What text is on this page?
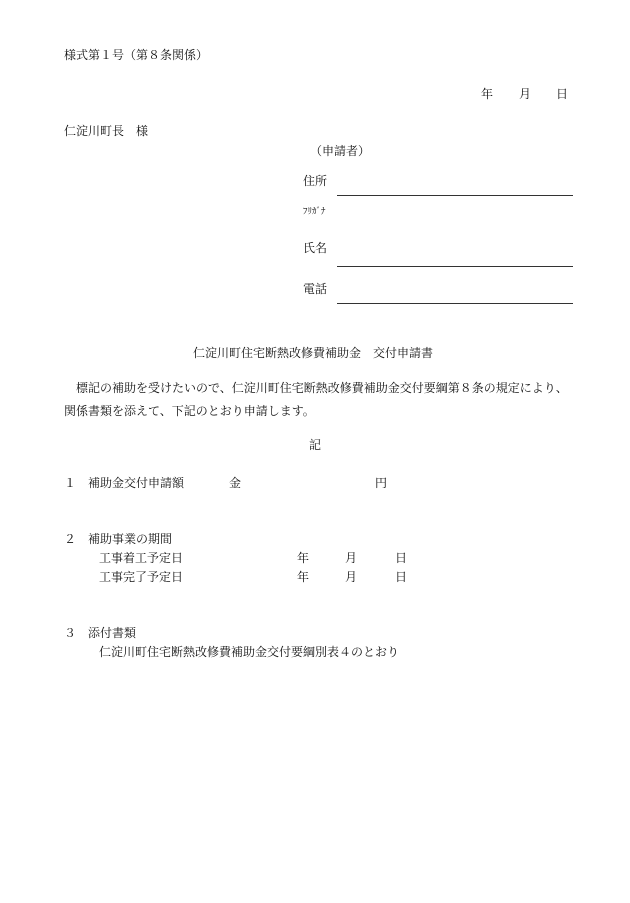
様式第１号（第８条関係）
年 月 日
仁淀川町長　様
（申請者）
住所
ﾌﾘｶﾞﾅ
氏名
電話
仁淀川町住宅断熱改修費補助金　交付申請書
　標記の補助を受けたいので、仁淀川町住宅断熱改修費補助金交付要綱第８条の規定により、
関係書類を添えて、下記のとおり申請します。
記
１　補助金交付申請額	金	円
２　補助事業の期間
工事着工予定日	年	月	日
工事完了予定日	年	月	日
３　添付書類
仁淀川町住宅断熱改修費補助金交付要綱別表４のとおり
